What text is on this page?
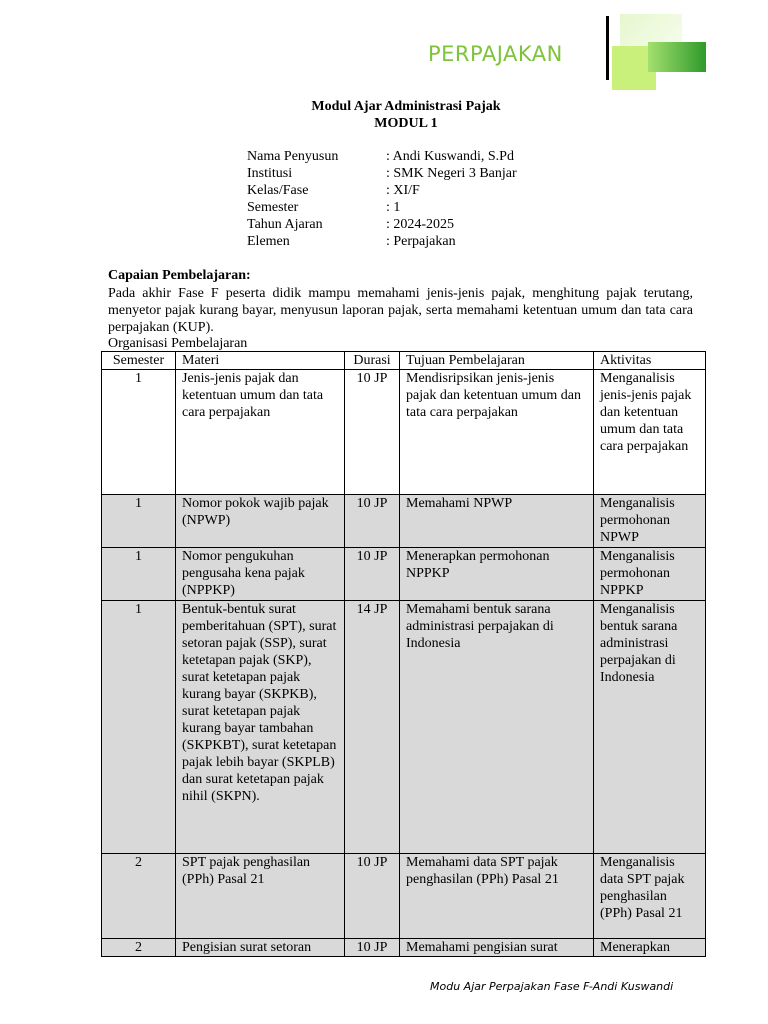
PERPAJAKAN
Modul Ajar Administrasi Pajak
MODUL 1
Nama Penyusun	: Andi Kuswandi, S.Pd
Institusi	: SMK Negeri 3 Banjar
Kelas/Fase	: XI/F
Semester	: 1
Tahun Ajaran	: 2024-2025
Elemen	: Perpajakan
Capaian Pembelajaran:
Pada akhir Fase F peserta didik mampu memahami jenis-jenis pajak, menghitung pajak terutang, menyetor pajak kurang bayar, menyusun laporan pajak, serta memahami ketentuan umum dan tata cara perpajakan (KUP).
Organisasi Pembelajaran
Semester	Materi	Durasi	Tujuan Pembelajaran	Aktivitas
1	Jenis-jenis pajak dan ketentuan umum dan tata cara perpajakan	10 JP	Mendisripsikan jenis-jenis pajak dan ketentuan umum dan tata cara perpajakan	Menganalisis jenis-jenis pajak dan ketentuan umum dan tata cara perpajakan
1	Nomor pokok wajib pajak (NPWP)	10 JP	Memahami NPWP	Menganalisis permohonan NPWP
1	Nomor pengukuhan pengusaha kena pajak (NPPKP)	10 JP	Menerapkan permohonan NPPKP	Menganalisis permohonan NPPKP
1	Bentuk-bentuk surat pemberitahuan (SPT), surat setoran pajak (SSP), surat ketetapan pajak (SKP), surat ketetapan pajak kurang bayar (SKPKB), surat ketetapan pajak kurang bayar tambahan (SKPKBT), surat ketetapan pajak lebih bayar (SKPLB) dan surat ketetapan pajak nihil (SKPN).	14 JP	Memahami bentuk sarana administrasi perpajakan di Indonesia	Menganalisis bentuk sarana administrasi perpajakan di Indonesia
2	SPT pajak penghasilan (PPh) Pasal 21	10 JP	Memahami data SPT pajak penghasilan (PPh) Pasal 21	Menganalisis data SPT pajak penghasilan (PPh) Pasal 21
2	Pengisian surat setoran	10 JP	Memahami pengisian surat	Menerapkan
Modu Ajar Perpajakan Fase F-Andi Kuswandi
